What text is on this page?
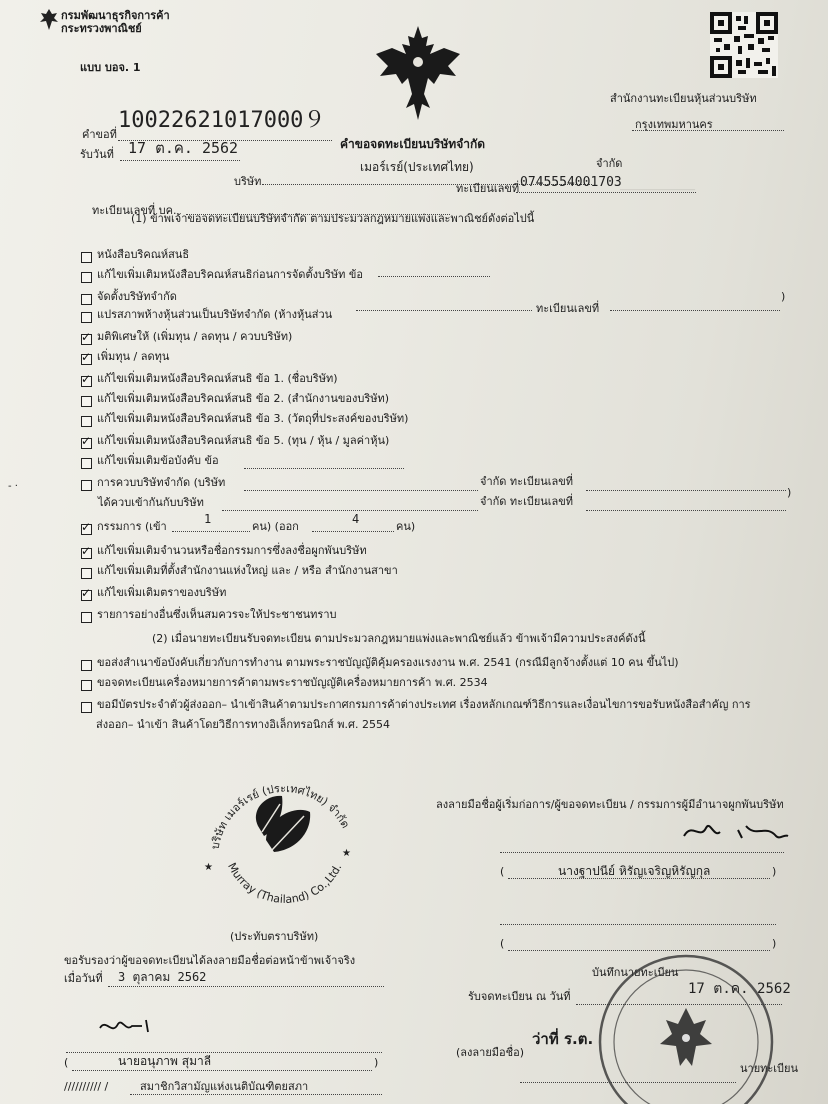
กรมพัฒนาธุรกิจการค้า
กระทรวงพาณิชย์
แบบ บอจ. 1
สำนักงานทะเบียนหุ้นส่วนบริษัท
กรุงเทพมหานคร
_______________
คำขอที่
10022621017000９
รับวันที่ 17 ต.ค. 2562	คำขอจดทะเบียนบริษัทจำกัด
บริษัท
เมอร์เรย์(ประเทศไทย)	จำกัด
ทะเบียนเลขที่ บค.
ทะเบียนเลขที่ 0745554001703
(1) ข้าพเจ้าขอจดทะเบียนบริษัทจำกัด ตามประมวลกฎหมายแพ่งและพาณิชย์ดังต่อไปนี้
ทะเบียนเลขที่
)
จำกัด ทะเบียนเลขที่
ได้ควบเข้ากันกับบริษัท	จำกัด ทะเบียนเลขที่
)
✓
กรรมการ (เข้า
1
คน) (ออก
4
คน)
(2) เมื่อนายทะเบียนรับจดทะเบียน ตามประมวลกฎหมายแพ่งและพาณิชย์แล้ว ข้าพเจ้ามีความประสงค์ดังนี้
ส่งออก– นำเข้า สินค้าโดยวิธีการทางอิเล็กทรอนิกส์ พ.ศ. 2554
บริษัท เมอร์เรย์ (ประเทศไทย) จำกัด
Murray (Thailand) Co.,Ltd.
★
★
(ประทับตราบริษัท)
ลงลายมือชื่อผู้เริ่มก่อการ/ผู้ขอจดทะเบียน / กรรมการผู้มีอำนาจผูกพันบริษัท
(	นางฐาปนีย์ หิรัญเจริญหิรัญกุล	)
(	)
ขอรับรองว่าผู้ขอจดทะเบียนได้ลงลายมือชื่อต่อหน้าข้าพเจ้าจริง
เมื่อวันที่ 3 ตุลาคม 2562
(	นายอนุภาพ สุมาลี	)
////////// /	สมาชิกวิสามัญแห่งเนติบัณฑิตยสภา
บันทึกนายทะเบียน
รับจดทะเบียน ณ วันที่	17 ต.ค. 2562
(ลงลายมือชื่อ)
ว่าที่ ร.ต.
นายทะเบียน
- ·
หนังสือบริคณห์สนธิ
แก้ไขเพิ่มเติมหนังสือบริคณห์สนธิก่อนการจัดตั้งบริษัท ข้อ
จัดตั้งบริษัทจำกัด
แปรสภาพห้างหุ้นส่วนเป็นบริษัทจำกัด (ห้างหุ้นส่วน
✓
มติพิเศษให้ (เพิ่มทุน / ลดทุน / ควบบริษัท)
✓
เพิ่มทุน / ลดทุน
✓
แก้ไขเพิ่มเติมหนังสือบริคณห์สนธิ ข้อ 1. (ชื่อบริษัท)
แก้ไขเพิ่มเติมหนังสือบริคณห์สนธิ ข้อ 2. (สำนักงานของบริษัท)
แก้ไขเพิ่มเติมหนังสือบริคณห์สนธิ ข้อ 3. (วัตถุที่ประสงค์ของบริษัท)
✓
แก้ไขเพิ่มเติมหนังสือบริคณห์สนธิ ข้อ 5. (ทุน / หุ้น / มูลค่าหุ้น)
แก้ไขเพิ่มเติมข้อบังคับ ข้อ
การควบบริษัทจำกัด (บริษัท
✓
แก้ไขเพิ่มเติมจำนวนหรือชื่อกรรมการซึ่งลงชื่อผูกพันบริษัท
แก้ไขเพิ่มเติมที่ตั้งสำนักงานแห่งใหญ่ และ / หรือ สำนักงานสาขา
✓
แก้ไขเพิ่มเติมตราของบริษัท
รายการอย่างอื่นซึ่งเห็นสมควรจะให้ประชาชนทราบ
ขอส่งสำเนาข้อบังคับเกี่ยวกับการทำงาน ตามพระราชบัญญัติคุ้มครองแรงงาน พ.ศ. 2541 (กรณีมีลูกจ้างตั้งแต่ 10 คน ขึ้นไป)
ขอจดทะเบียนเครื่องหมายการค้าตามพระราชบัญญัติเครื่องหมายการค้า พ.ศ. 2534
ขอมีบัตรประจำตัวผู้ส่งออก– นำเข้าสินค้าตามประกาศกรมการค้าต่างประเทศ เรื่องหลักเกณฑ์วิธีการและเงื่อนไขการขอรับหนังสือสำคัญ การ
